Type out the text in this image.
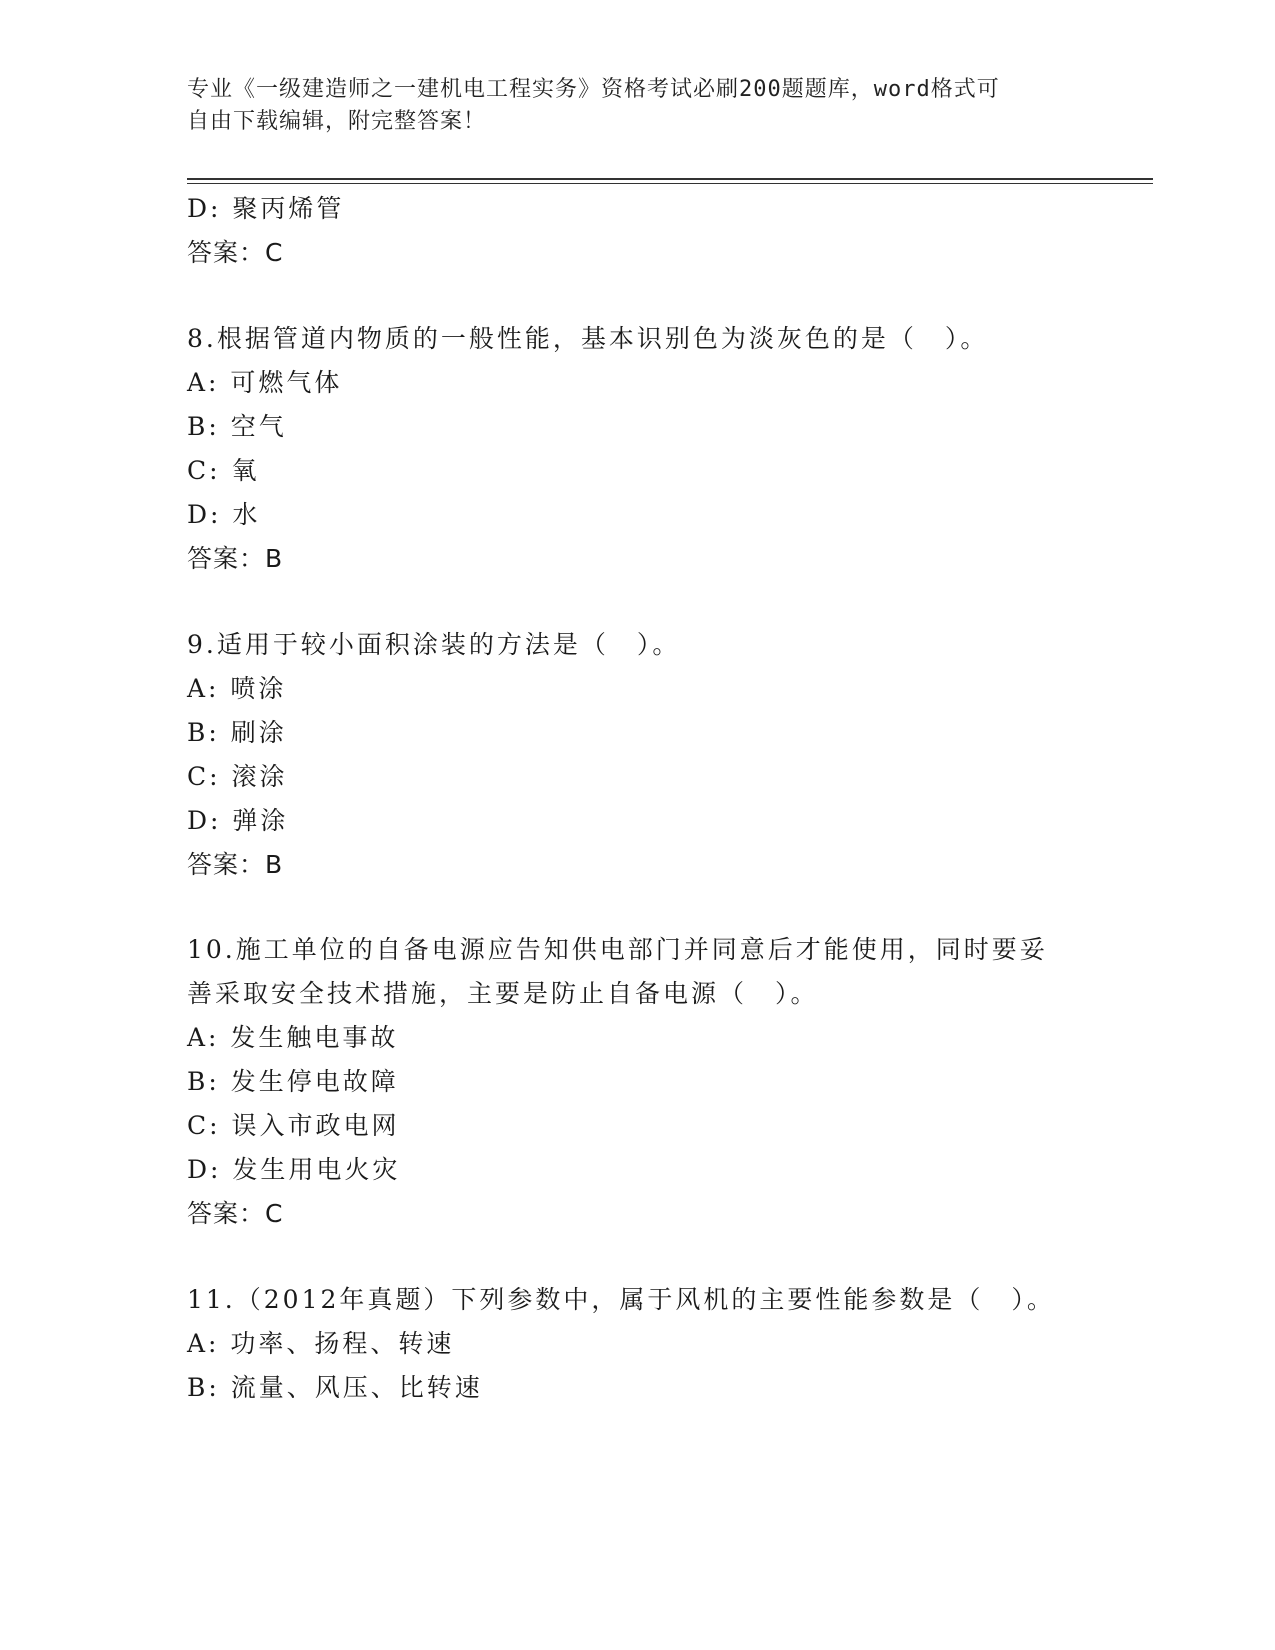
专业《一级建造师之一建机电工程实务》资格考试必刷200题题库，word格式可
自由下载编辑，附完整答案！
D: 聚丙烯管
答案：C
8.根据管道内物质的一般性能，基本识别色为淡灰色的是（　）。
A: 可燃气体
B: 空气
C: 氧
D: 水
答案：B
9.适用于较小面积涂装的方法是（　）。
A: 喷涂
B: 刷涂
C: 滚涂
D: 弹涂
答案：B
10.施工单位的自备电源应告知供电部门并同意后才能使用，同时要妥
善采取安全技术措施，主要是防止自备电源（　）。
A: 发生触电事故
B: 发生停电故障
C: 误入市政电网
D: 发生用电火灾
答案：C
11.（2012年真题）下列参数中，属于风机的主要性能参数是（　）。
A: 功率、扬程、转速
B: 流量、风压、比转速
